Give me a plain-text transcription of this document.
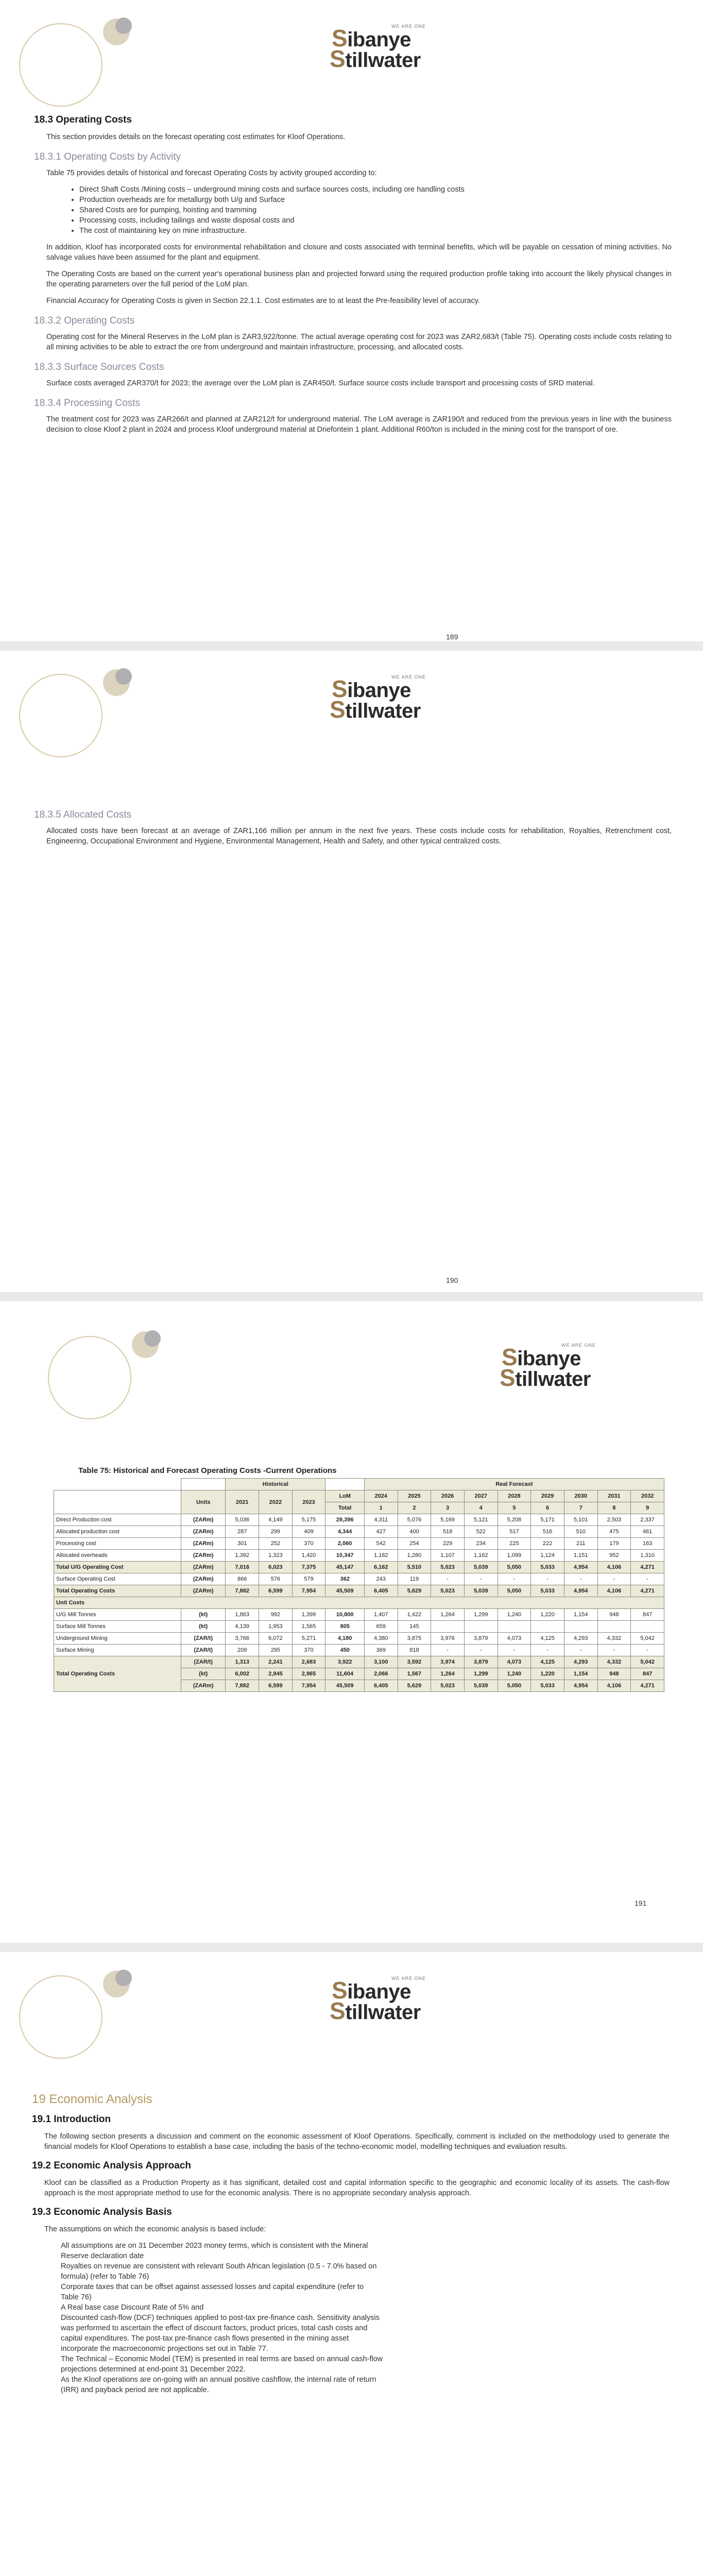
WE ARE ONE
Sibanye
Stillwater
18.3 Operating Costs

This section provides details on the forecast operating cost estimates for Kloof Operations.

18.3.1 Operating Costs by Activity

Table 75 provides details of historical and forecast Operating Costs by activity grouped according to:

• Direct Shaft Costs /Mining costs – underground mining costs and surface sources costs, including ore handling costs
• Production overheads are for metallurgy both U/g and Surface
• Shared Costs are for pumping, hoisting and tramming
• Processing costs, including tailings and waste disposal costs and
• The cost of maintaining key on mine infrastructure.

In addition, Kloof has incorporated costs for environmental rehabilitation and closure and costs associated with terminal benefits, which will be payable on cessation of mining activities. No salvage values have been assumed for the plant and equipment.

The Operating Costs are based on the current year's operational business plan and projected forward using the required production profile taking into account the likely physical changes in the operating parameters over the full period of the LoM plan.

Financial Accuracy for Operating Costs is given in Section 22.1.1. Cost estimates are to at least the Pre-feasibility level of accuracy.

18.3.2 Operating Costs

Operating cost for the Mineral Reserves in the LoM plan is ZAR3,922/tonne. The actual average operating cost for 2023 was ZAR2,683/t (Table 75). Operating costs include costs relating to all mining activities to be able to extract the ore from underground and maintain infrastructure, processing, and allocated costs.

18.3.3 Surface Sources Costs

Surface costs averaged ZAR370/t for 2023; the average over the LoM plan is ZAR450/t. Surface source costs include transport and processing costs of SRD material.

18.3.4 Processing Costs

The treatment cost for 2023 was ZAR266/t and planned at ZAR212/t for underground material. The LoM average is ZAR190/t and reduced from the previous years in line with the business decision to close Kloof 2 plant in 2024 and process Kloof underground material at Driefontein 1 plant. Additional R60/ton is included in the mining cost for the transport of ore.

189
WE ARE ONE
Sibanye
Stillwater
18.3.5 Allocated Costs

Allocated costs have been forecast at an average of ZAR1,166 million per annum in the next five years. These costs include costs for rehabilitation, Royalties, Retrenchment cost, Engineering, Occupational Environment and Hygiene, Environmental Management, Health and Safety, and other typical centralized costs.

190
WE ARE ONE
Sibanye
Stillwater
Table 75: Historical and Forecast Operating Costs -Current Operations
		Historical				Real Forecast								
	Units	2021	2022	2023	LoM	2024	2025	2026	2027	2028	2029	2030	2031	2032
					Total	1	2	3	4	5	6	7	8	9
Direct Production cost	(ZARm)	5,036	4,149	5,175	28,396	4,311	5,076	5,169	5,121	5,208	5,171	5,101	2,503	2,337
Allocated production cost	(ZARm)	287	299	409	4,344	427	400	518	522	517	516	510	475	461
Processing cost	(ZARm)	301	252	370	2,060	542	254	229	234	225	222	211	179	163
Allocated overheads	(ZARm)	1,392	1,323	1,420	10,347	1,182	1,280	1,107	1,162	1,099	1,124	1,151	952	1,310
Total U/G Operating Cost	(ZARm)	7,016	6,023	7,375	45,147	6,162	5,510	5,023	5,039	5,050	5,033	4,954	4,106	4,271
Surface Operating Cost	(ZARm)	866	576	579	362	243	119	-	-	-	-	-	-	-
Total Operating Costs	(ZARm)	7,882	6,599	7,954	45,509	6,405	5,629	5,023	5,039	5,050	5,033	4,954	4,106	4,271
Unit Costs														
U/G Mill Tonnes	(kt)	1,863	992	1,399	10,800	1,407	1,422	1,264	1,299	1,240	1,220	1,154	948	847
Surface Mill Tonnes	(kt)	4,139	1,953	1,565	805	659	145							
Underground Mining	(ZAR/t)	3,766	6,072	5,271	4,180	4,380	3,875	3,976	3,879	4,073	4,125	4,293	4,332	5,042
Surface Mining	(ZAR/t)	209	295	370	450	369	818	-	-	-	-	-	-	-
Total Operating Costs	(ZAR/t)	1,313	2,241	2,683	3,922	3,100	3,592	3,974	3,879	4,073	4,125	4,293	4,332	5,042
	(kt)	6,002	2,945	2,965	11,604	2,066	1,567	1,264	1,299	1,240	1,220	1,154	948	847
	(ZARm)	7,882	6,599	7,954	45,509	6,405	5,629	5,023	5,039	5,050	5,033	4,954	4,106	4,271
191
WE ARE ONE
Sibanye
Stillwater
19 Economic Analysis
19.1 Introduction

The following section presents a discussion and comment on the economic assessment of Kloof Operations. Specifically, comment is included on the methodology used to generate the financial models for Kloof Operations to establish a base case, including the basis of the techno-economic model, modelling techniques and evaluation results.

19.2 Economic Analysis Approach

Kloof can be classified as a Production Property as it has significant, detailed cost and capital information specific to the geographic and economic locality of its assets. The cash-flow approach is the most appropriate method to use for the economic analysis. There is no appropriate secondary analysis approach.

19.3 Economic Analysis Basis

The assumptions on which the economic analysis is based include:

All assumptions are on 31 December 2023 money terms, which is consistent with the Mineral
Reserve declaration date
Royalties on revenue are consistent with relevant South African legislation (0.5 - 7.0% based on
formula) (refer to Table 76)
Corporate taxes that can be offset against assessed losses and capital expenditure (refer to
Table 76)
A Real base case Discount Rate of 5% and
Discounted cash-flow (DCF) techniques applied to post-tax pre-finance cash. Sensitivity analysis
was performed to ascertain the effect of discount factors, product prices, total cash costs and
capital expenditures. The post-tax pre-finance cash flows presented in the mining asset
incorporate the macroeconomic projections set out in Table 77.
The Technical – Economic Model (TEM) is presented in real terms are based on annual cash-flow
projections determined at end-point 31 December 2022.
As the Kloof operations are on-going with an annual positive cashflow, the internal rate of return
(IRR) and payback period are not applicable.
